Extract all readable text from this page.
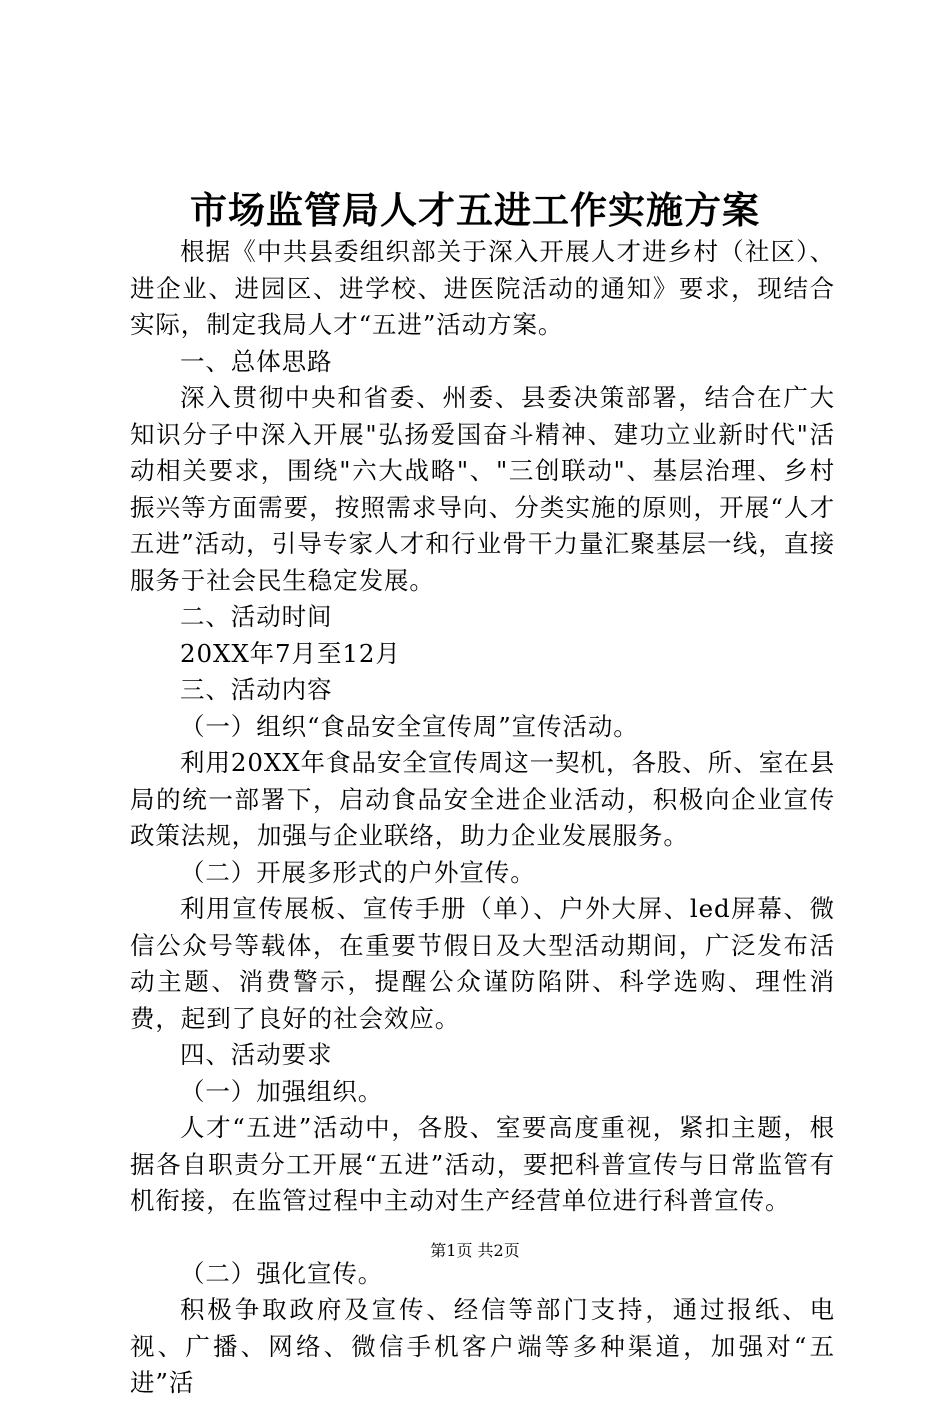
市场监管局人才五进工作实施方案

根据《中共县委组织部关于深入开展人才进乡村（社区）、进企业、进园区、进学校、进医院活动的通知》要求，现结合实际，制定我局人才“五进”活动方案。

一、总体思路

深入贯彻中央和省委、州委、县委决策部署，结合在广大知识分子中深入开展"弘扬爱国奋斗精神、建功立业新时代"活动相关要求，围绕"六大战略"、"三创联动"、基层治理、乡村振兴等方面需要，按照需求导向、分类实施的原则，开展“人才五进”活动，引导专家人才和行业骨干力量汇聚基层一线，直接服务于社会民生稳定发展。

二、活动时间

20XX年7月至12月

三、活动内容

（一）组织“食品安全宣传周”宣传活动。

利用20XX年食品安全宣传周这一契机，各股、所、室在县局的统一部署下，启动食品安全进企业活动，积极向企业宣传政策法规，加强与企业联络，助力企业发展服务。

（二）开展多形式的户外宣传。

利用宣传展板、宣传手册（单）、户外大屏、led屏幕、微信公众号等载体，在重要节假日及大型活动期间，广泛发布活动主题、消费警示，提醒公众谨防陷阱、科学选购、理性消费，起到了良好的社会效应。

四、活动要求

（一）加强组织。

人才“五进”活动中，各股、室要高度重视，紧扣主题，根据各自职责分工开展“五进”活动，要把科普宣传与日常监管有机衔接，在监管过程中主动对生产经营单位进行科普宣传。

（二）强化宣传。

积极争取政府及宣传、经信等部门支持，通过报纸、电视、广播、网络、微信手机客户端等多种渠道，加强对“五进”活

第1页 共2页
